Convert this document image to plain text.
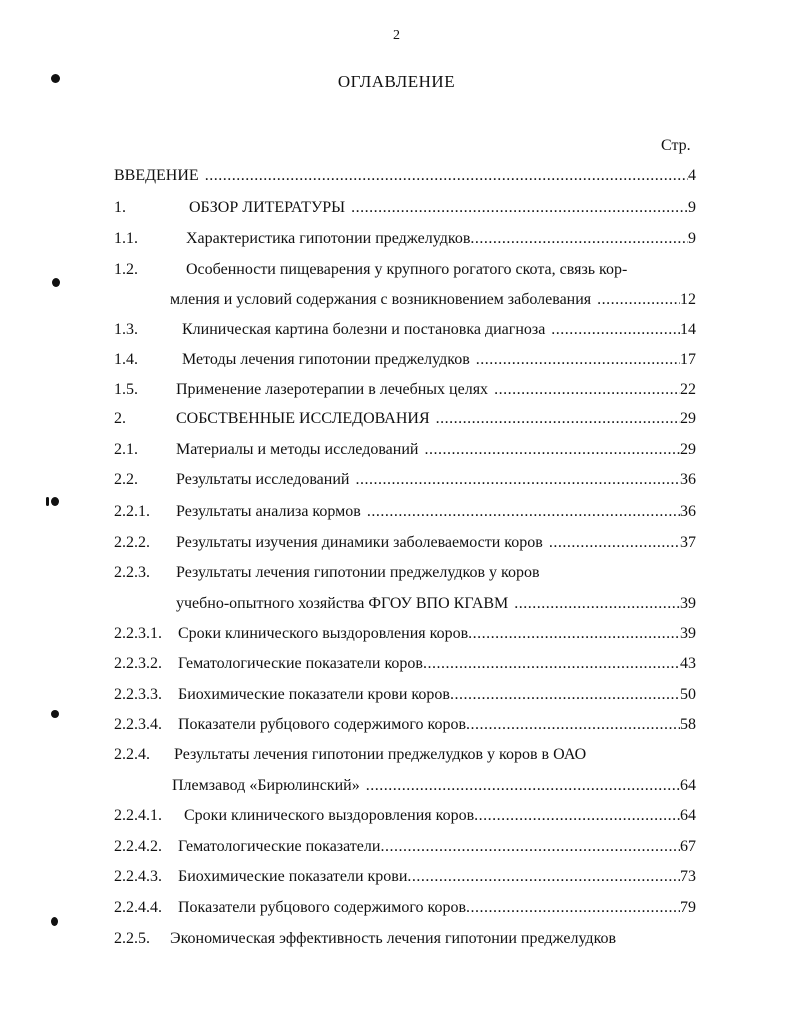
2
ОГЛАВЛЕНИЕ
Стр.
ВВЕДЕНИЕ .....	4
1.	ОБЗОР ЛИТЕРАТУРЫ .....	9
1.1.	Характеристика гипотонии преджелудков .....	9
1.2.	Особенности пищеварения у крупного рогатого скота, связь кор-
мления и условий содержания с возникновением заболевания .....	12
1.3.	Клиническая картина болезни и постановка диагноза .....	14
1.4.	Методы лечения гипотонии преджелудков .....	17
1.5. Применение лазеротерапии в лечебных целях .....	22
2.	СОБСТВЕННЫЕ ИССЛЕДОВАНИЯ .....	29
2.1. Материалы и методы исследований .....	29
2.2. Результаты исследований .....	36
2.2.1. Результаты анализа кормов .....	36
2.2.2. Результаты изучения динамики заболеваемости коров .....	37
2.2.3. Результаты лечения гипотонии преджелудков у коров
учебно-опытного хозяйства ФГОУ ВПО КГАВМ .....	39
2.2.3.1. Сроки клинического выздоровления коров .....	39
2.2.3.2. Гематологические показатели коров .....	43
2.2.3.3. Биохимические показатели крови коров .....	50
2.2.3.4. Показатели рубцового содержимого коров .....	58
2.2.4. Результаты лечения гипотонии преджелудков у коров в ОАО
Племзавод «Бирюлинский» .....	64
2.2.4.1. Сроки клинического выздоровления коров .....	64
2.2.4.2. Гематологические показатели .....	67
2.2.4.3. Биохимические показатели крови .....	73
2.2.4.4. Показатели рубцового содержимого коров .....	79
2.2.5. Экономическая эффективность лечения гипотонии преджелудков
